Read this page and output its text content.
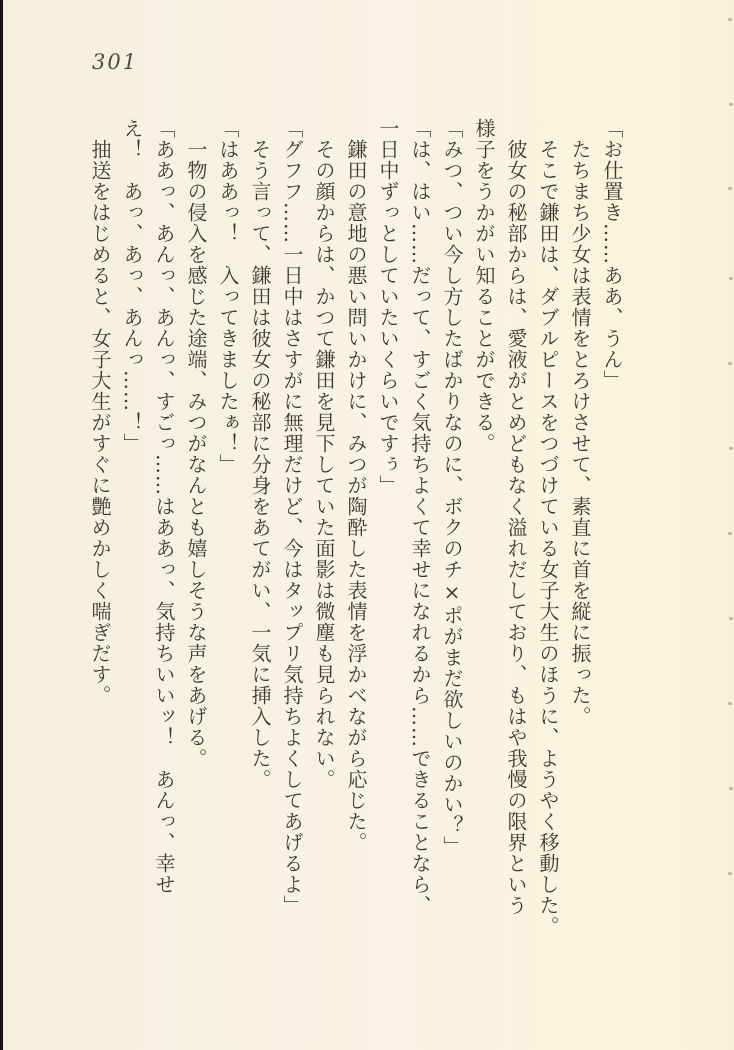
301

「お仕置き……ああ、うん」

たちまち少女は表情をとろけさせて、素直に首を縦に振った。

そこで鎌田は、ダブルピースをつづけている女子大生のほうに、ようやく移動した。

彼女の秘部からは、愛液がとめどもなく溢れだしており、もはや我慢の限界という

様子をうかがい知ることができる。

「みつ、つい今し方したばかりなのに、ボクのチ×ポがまだ欲しいのかい？」

「は、はい……だって、すごく気持ちよくて幸せになれるから……できることなら、

一日中ずっとしていたいくらいですぅ」

鎌田の意地の悪い問いかけに、みつが陶酔した表情を浮かべながら応じた。

その顔からは、かつて鎌田を見下していた面影は微塵も見られない。

「グフフ……一日中はさすがに無理だけど、今はタップリ気持ちよくしてあげるよ」

そう言って、鎌田は彼女の秘部に分身をあてがい、一気に挿入した。

「はああっ！　入ってきましたぁ！」

一物の侵入を感じた途端、みつがなんとも嬉しそうな声をあげる。

「ああっ、あんっ、あんっ、すごっ……はああっ、気持ちいいッ！　あんっ、幸せ

え！　あっ、あっ、あんっ……！」

抽送をはじめると、女子大生がすぐに艶めかしく喘ぎだす。
